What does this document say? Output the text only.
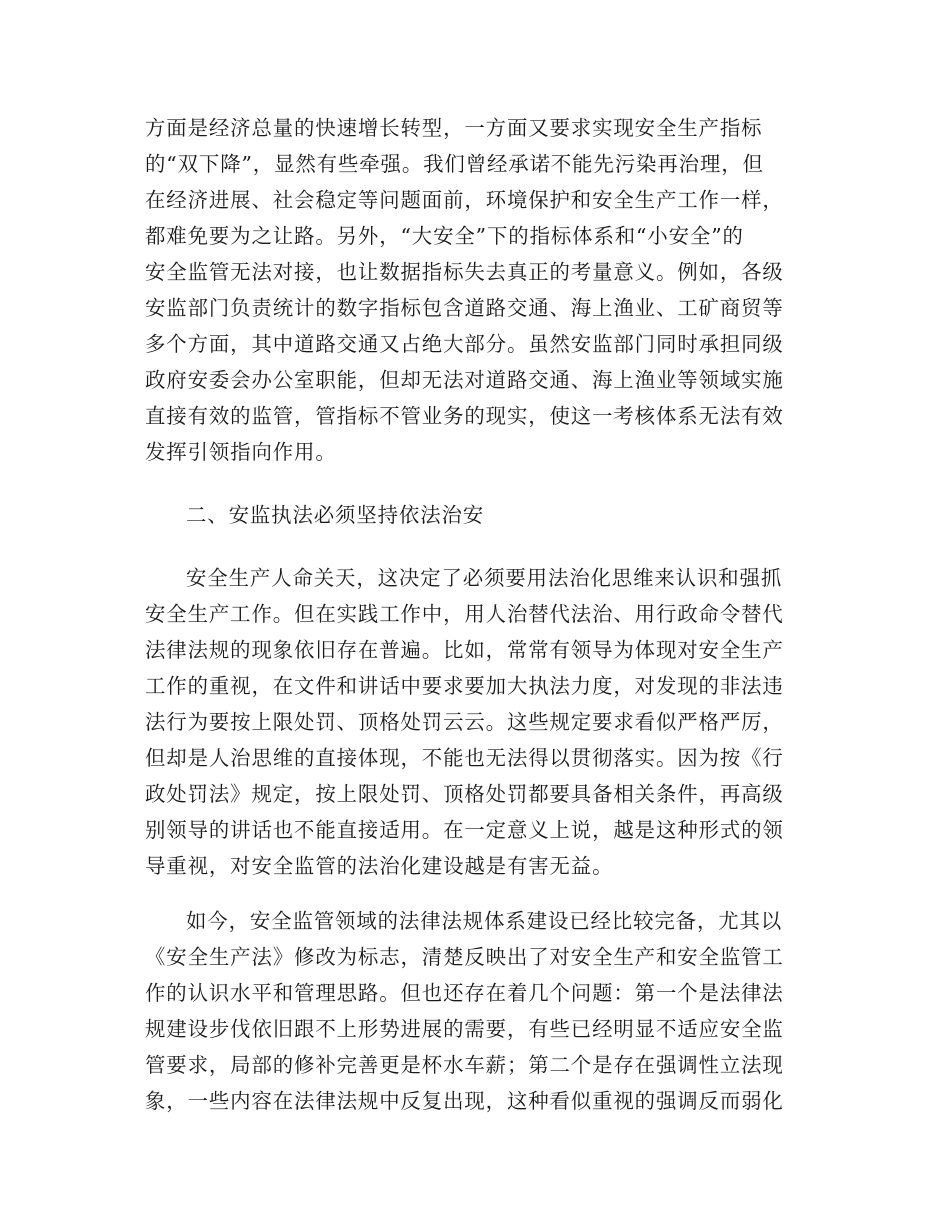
方面是经济总量的快速增长转型，一方面又要求实现安全生产指标
的“双下降”，显然有些牵强。我们曾经承诺不能先污染再治理，但
在经济进展、社会稳定等问题面前，环境保护和安全生产工作一样，
都难免要为之让路。另外，“大安全”下的指标体系和“小安全”的
安全监管无法对接，也让数据指标失去真正的考量意义。例如，各级
安监部门负责统计的数字指标包含道路交通、海上渔业、工矿商贸等
多个方面，其中道路交通又占绝大部分。虽然安监部门同时承担同级
政府安委会办公室职能，但却无法对道路交通、海上渔业等领域实施
直接有效的监管，管指标不管业务的现实，使这一考核体系无法有效
发挥引领指向作用。
二、安监执法必须坚持依法治安
安全生产人命关天，这决定了必须要用法治化思维来认识和强抓
安全生产工作。但在实践工作中，用人治替代法治、用行政命令替代
法律法规的现象依旧存在普遍。比如，常常有领导为体现对安全生产
工作的重视，在文件和讲话中要求要加大执法力度，对发现的非法违
法行为要按上限处罚、顶格处罚云云。这些规定要求看似严格严厉，
但却是人治思维的直接体现，不能也无法得以贯彻落实。因为按《行
政处罚法》规定，按上限处罚、顶格处罚都要具备相关条件，再高级
别领导的讲话也不能直接适用。在一定意义上说，越是这种形式的领
导重视，对安全监管的法治化建设越是有害无益。
如今，安全监管领域的法律法规体系建设已经比较完备，尤其以
《安全生产法》修改为标志，清楚反映出了对安全生产和安全监管工
作的认识水平和管理思路。但也还存在着几个问题：第一个是法律法
规建设步伐依旧跟不上形势进展的需要，有些已经明显不适应安全监
管要求，局部的修补完善更是杯水车薪；第二个是存在强调性立法现
象，一些内容在法律法规中反复出现，这种看似重视的强调反而弱化
